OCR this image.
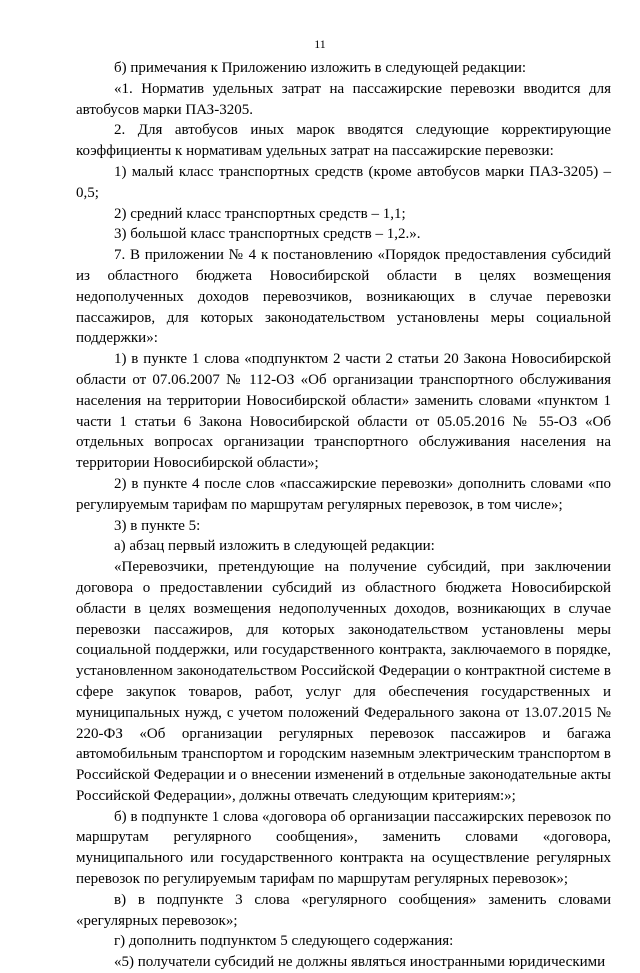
11

б) примечания к Приложению изложить в следующей редакции:

«1. Норматив удельных затрат на пассажирские перевозки вводится для автобусов марки ПАЗ-3205.

2. Для автобусов иных марок вводятся следующие корректирующие коэффициенты к нормативам удельных затрат на пассажирские перевозки:

1) малый класс транспортных средств (кроме автобусов марки ПАЗ-3205) – 0,5;

2) средний класс транспортных средств – 1,1;

3) большой класс транспортных средств – 1,2.».

7. В приложении № 4 к постановлению «Порядок предоставления субсидий из областного бюджета Новосибирской области в целях возмещения недополученных доходов перевозчиков, возникающих в случае перевозки пассажиров, для которых законодательством установлены меры социальной поддержки»:

1) в пункте 1 слова «подпунктом 2 части 2 статьи 20 Закона Новосибирской области от 07.06.2007 № 112-ОЗ «Об организации транспортного обслуживания населения на территории Новосибирской области» заменить словами «пунктом 1 части 1 статьи 6 Закона Новосибирской области от 05.05.2016 № 55-ОЗ «Об отдельных вопросах организации транспортного обслуживания населения на территории Новосибирской области»;

2) в пункте 4 после слов «пассажирские перевозки» дополнить словами «по регулируемым тарифам по маршрутам регулярных перевозок, в том числе»;

3) в пункте 5:

а) абзац первый изложить в следующей редакции:

«Перевозчики, претендующие на получение субсидий, при заключении договора о предоставлении субсидий из областного бюджета Новосибирской области в целях возмещения недополученных доходов, возникающих в случае перевозки пассажиров, для которых законодательством установлены меры социальной поддержки, или государственного контракта, заключаемого в порядке, установленном законодательством Российской Федерации о контрактной системе в сфере закупок товаров, работ, услуг для обеспечения государственных и муниципальных нужд, с учетом положений Федерального закона от 13.07.2015 № 220-ФЗ «Об организации регулярных перевозок пассажиров и багажа автомобильным транспортом и городским наземным электрическим транспортом в Российской Федерации и о внесении изменений в отдельные законодательные акты Российской Федерации», должны отвечать следующим критериям:»;

б) в подпункте 1 слова «договора об организации пассажирских перевозок по маршрутам регулярного сообщения», заменить словами «договора, муниципального или государственного контракта на осуществление регулярных перевозок по регулируемым тарифам по маршрутам регулярных перевозок»;

в) в подпункте 3 слова «регулярного сообщения» заменить словами «регулярных перевозок»;

г) дополнить подпунктом 5 следующего содержания:

«5) получатели субсидий не должны являться иностранными юридическими
